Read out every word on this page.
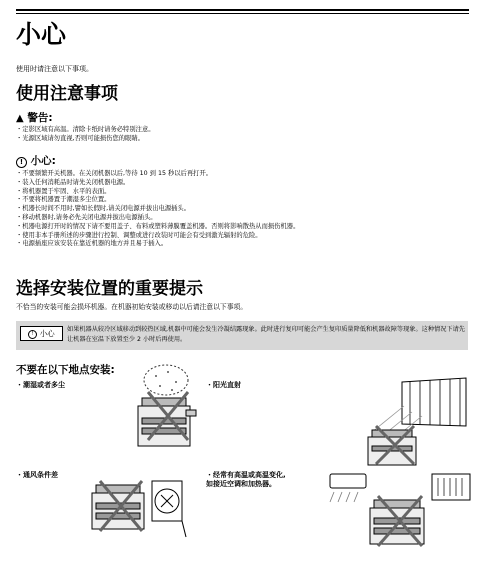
小心
使用时请注意以下事项。
使用注意事项
▲ 警告:
・ 定影区域有高温。清除卡纸时请务必特别注意。
・ 光源区域请勿直视,否则可能损伤您的眼睛。
! 小心:
・ 不要频繁开关机器。在关闭机器以后,等待 10 到 15 秒以后再打开。
・ 装入任何消耗品时请先关闭机器电源。
・ 将机器置于牢固、水平的表面。
・ 不要将机器置于潮湿多尘位置。
・ 机器长时间不用时,譬如长假时,请关闭电源并拔出电源插头。
・ 移动机器时,请务必先关闭电源并拔出电源插头。
・ 机器电源打开时的情况下请不要用盖子、布料或塑料薄膜覆盖机器。否则将影响散热从而损伤机器。
・ 使用非本手册所述的步骤进行控制、调整或进行改装时可能会有受到激光辐射的危险。
・ 电源插座应该安装在靠近机器的地方并且易于插入。
选择安装位置的重要提示
不恰当的安装可能会损坏机器。在机器初始安装或移动以后请注意以下事项。
! 小心	如果机器从较冷区域移动到较热区域,机器中可能会发生冷凝结露现象。此时进行复印可能会产生复印质量降低和机器故障等现象。这种情况下请先让机器在室温下放置至少 2 小时后再使用。
不要在以下地点安装:
・ 潮湿或者多尘	・ 阳光直射
・ 通风条件差	・ 经常有高温或高温变化,
如接近空调和加热器。
